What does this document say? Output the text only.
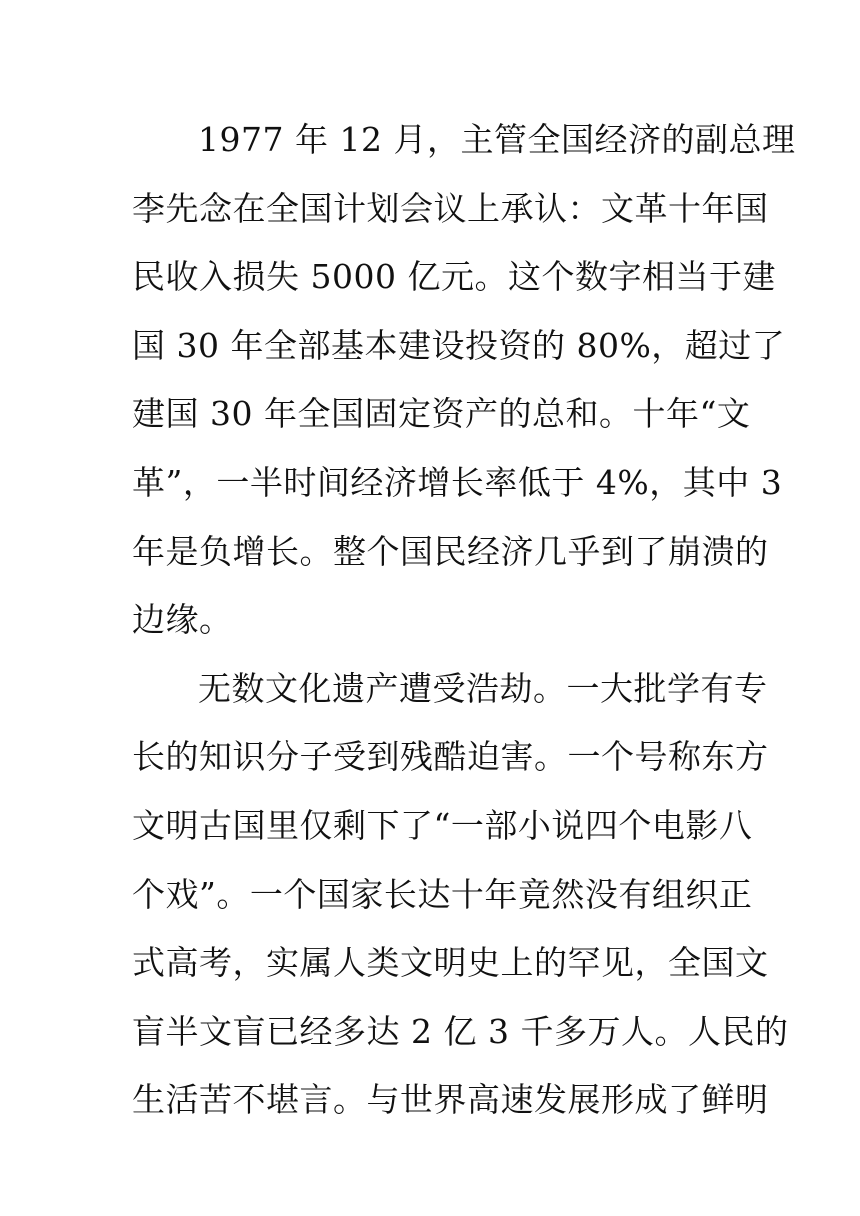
1977 年 12 月，主管全国经济的副总理
李先念在全国计划会议上承认：文革十年国
民收入损失 5000 亿元。这个数字相当于建
国 30 年全部基本建设投资的 80%，超过了
建国 30 年全国固定资产的总和。十年“文
革”，一半时间经济增长率低于 4%，其中 3
年是负增长。整个国民经济几乎到了崩溃的
边缘。
无数文化遗产遭受浩劫。一大批学有专
长的知识分子受到残酷迫害。一个号称东方
文明古国里仅剩下了“一部小说四个电影八
个戏”。一个国家长达十年竟然没有组织正
式高考，实属人类文明史上的罕见，全国文
盲半文盲已经多达 2 亿 3 千多万人。人民的
生活苦不堪言。与世界高速发展形成了鲜明
